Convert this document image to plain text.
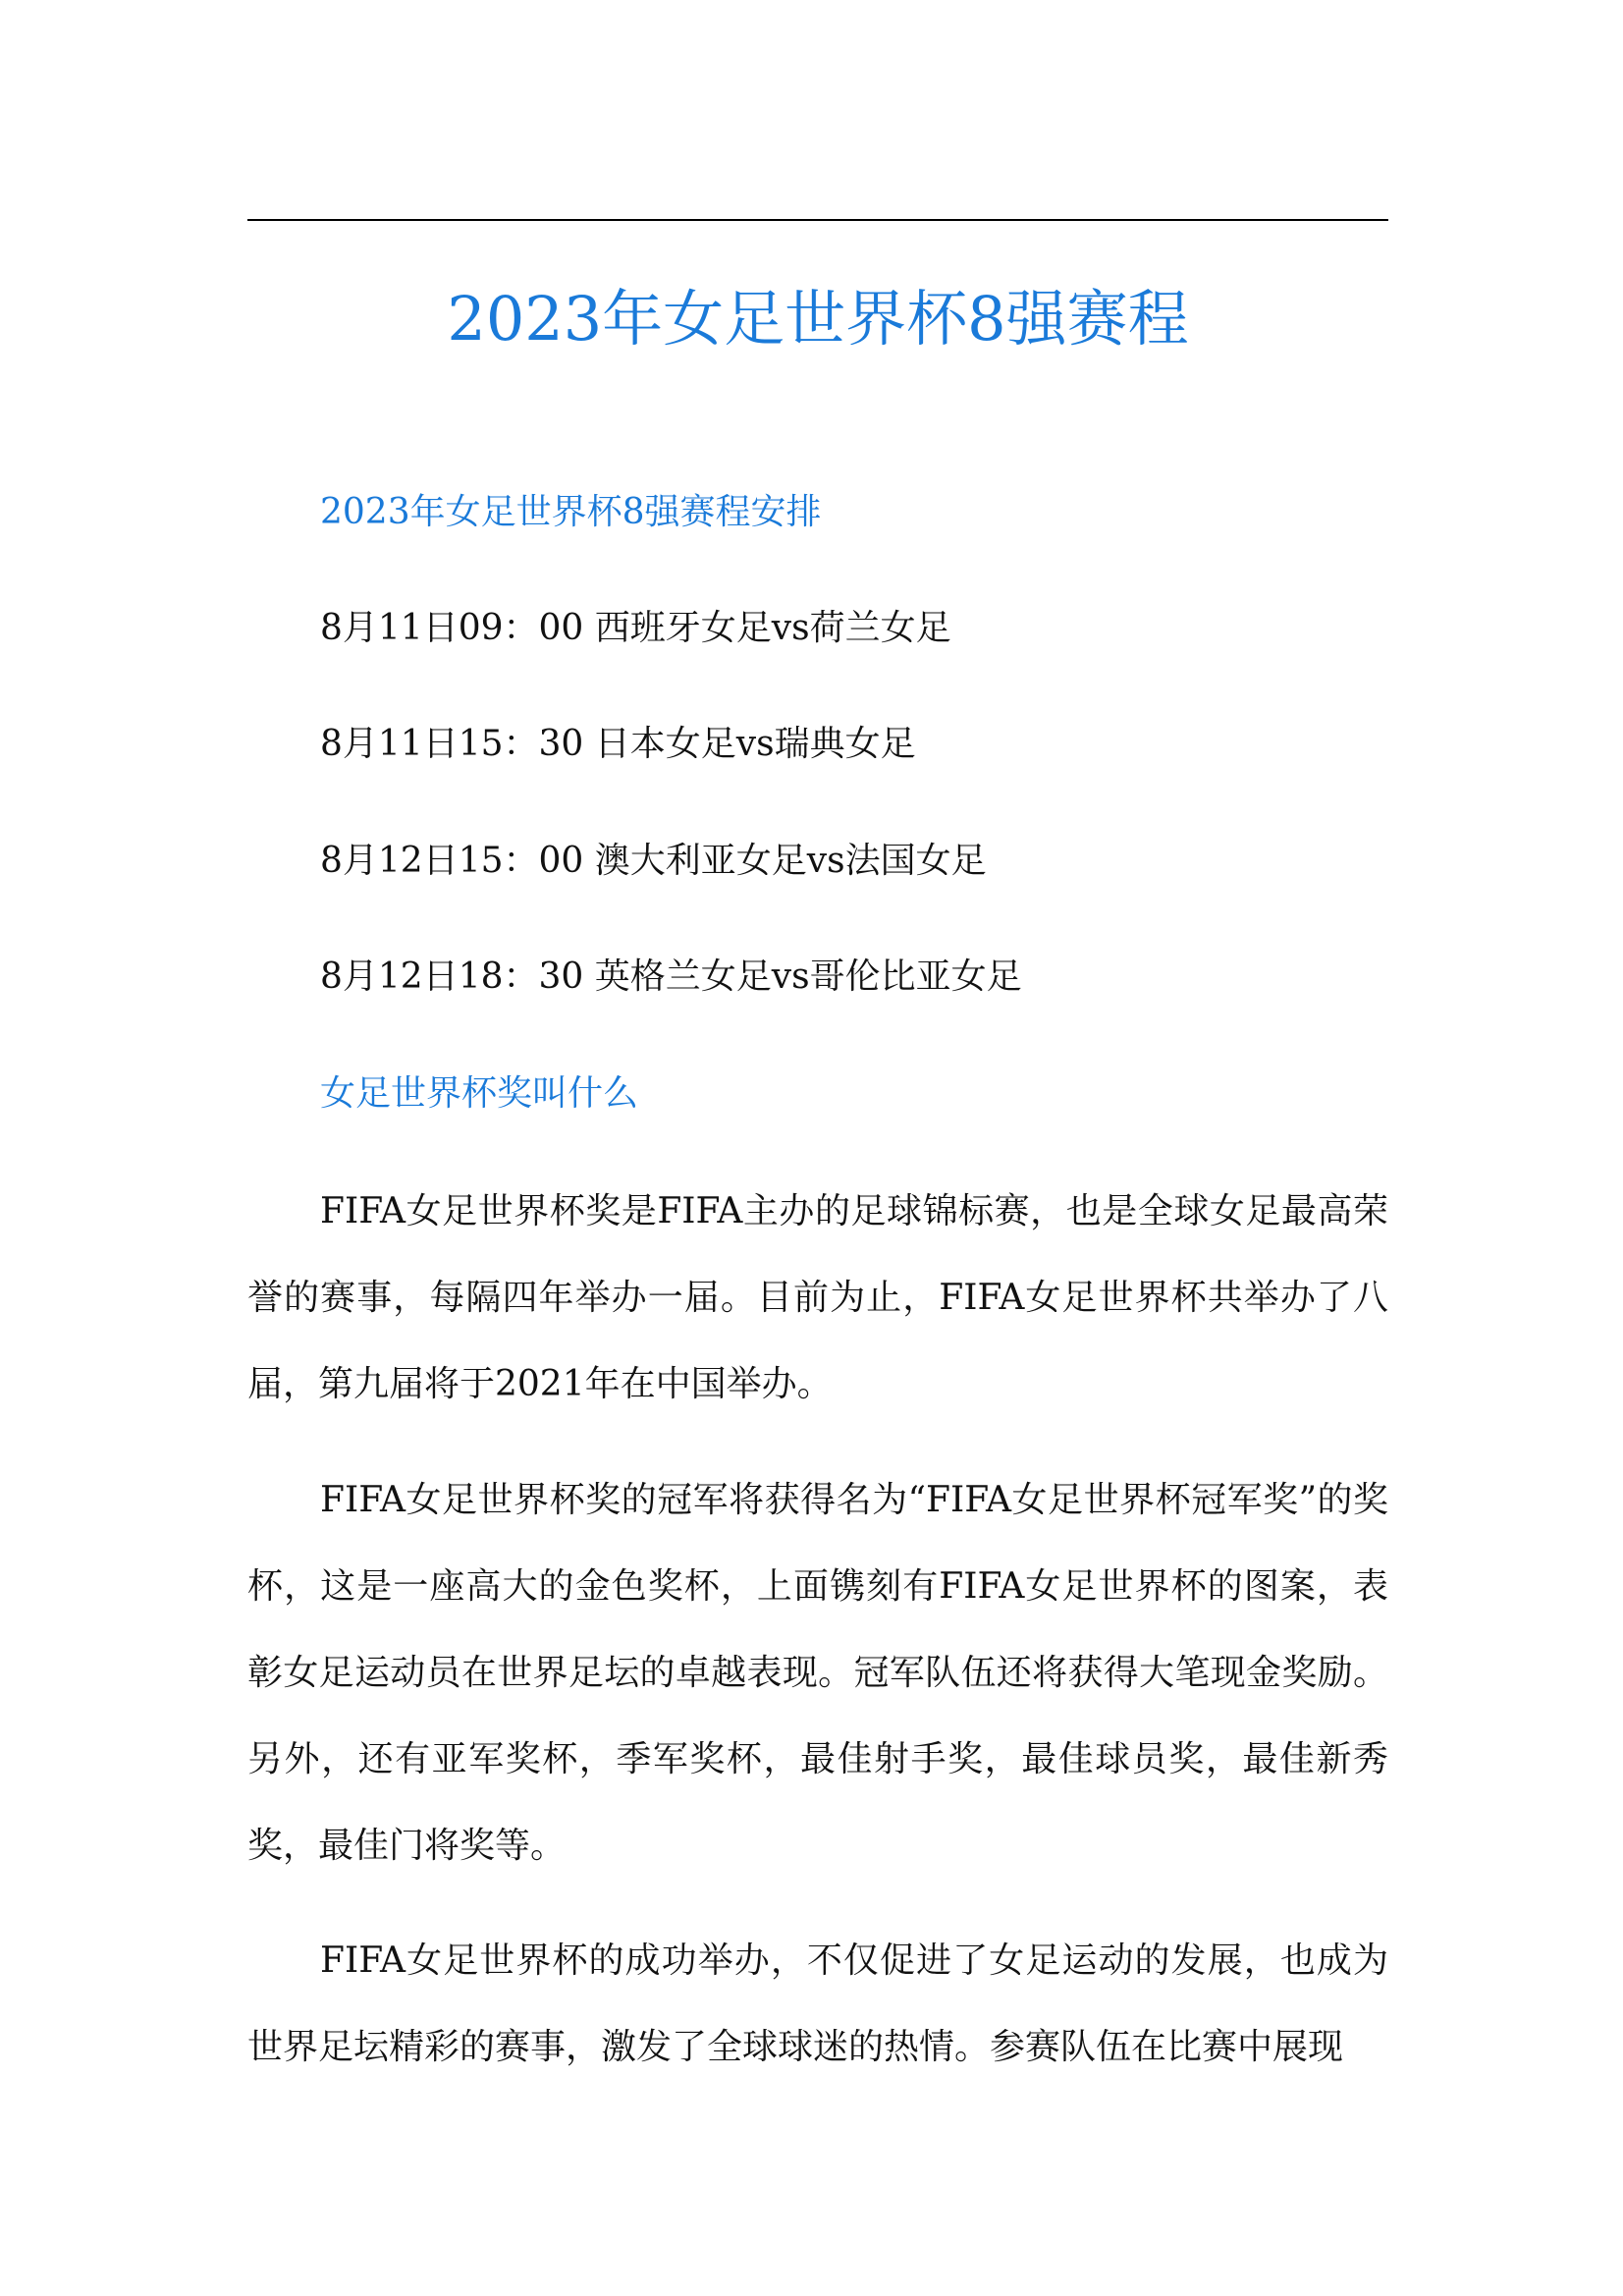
2023年女足世界杯8强赛程
2023年女足世界杯8强赛程安排
8月11日09：00 西班牙女足vs荷兰女足
8月11日15：30 日本女足vs瑞典女足
8月12日15：00 澳大利亚女足vs法国女足
8月12日18：30 英格兰女足vs哥伦比亚女足
女足世界杯奖叫什么
FIFA女足世界杯奖是FIFA主办的足球锦标赛，也是全球女足最高荣誉的赛事，每隔四年举办一届。目前为止，FIFA女足世界杯共举办了八届，第九届将于2021年在中国举办。
FIFA女足世界杯奖的冠军将获得名为“FIFA女足世界杯冠军奖”的奖杯，这是一座高大的金色奖杯，上面镌刻有FIFA女足世界杯的图案，表彰女足运动员在世界足坛的卓越表现。冠军队伍还将获得大笔现金奖励。另外，还有亚军奖杯，季军奖杯，最佳射手奖，最佳球员奖，最佳新秀奖，最佳门将奖等。
FIFA女足世界杯的成功举办，不仅促进了女足运动的发展，也成为世界足坛精彩的赛事，激发了全球球迷的热情。参赛队伍在比赛中展现
